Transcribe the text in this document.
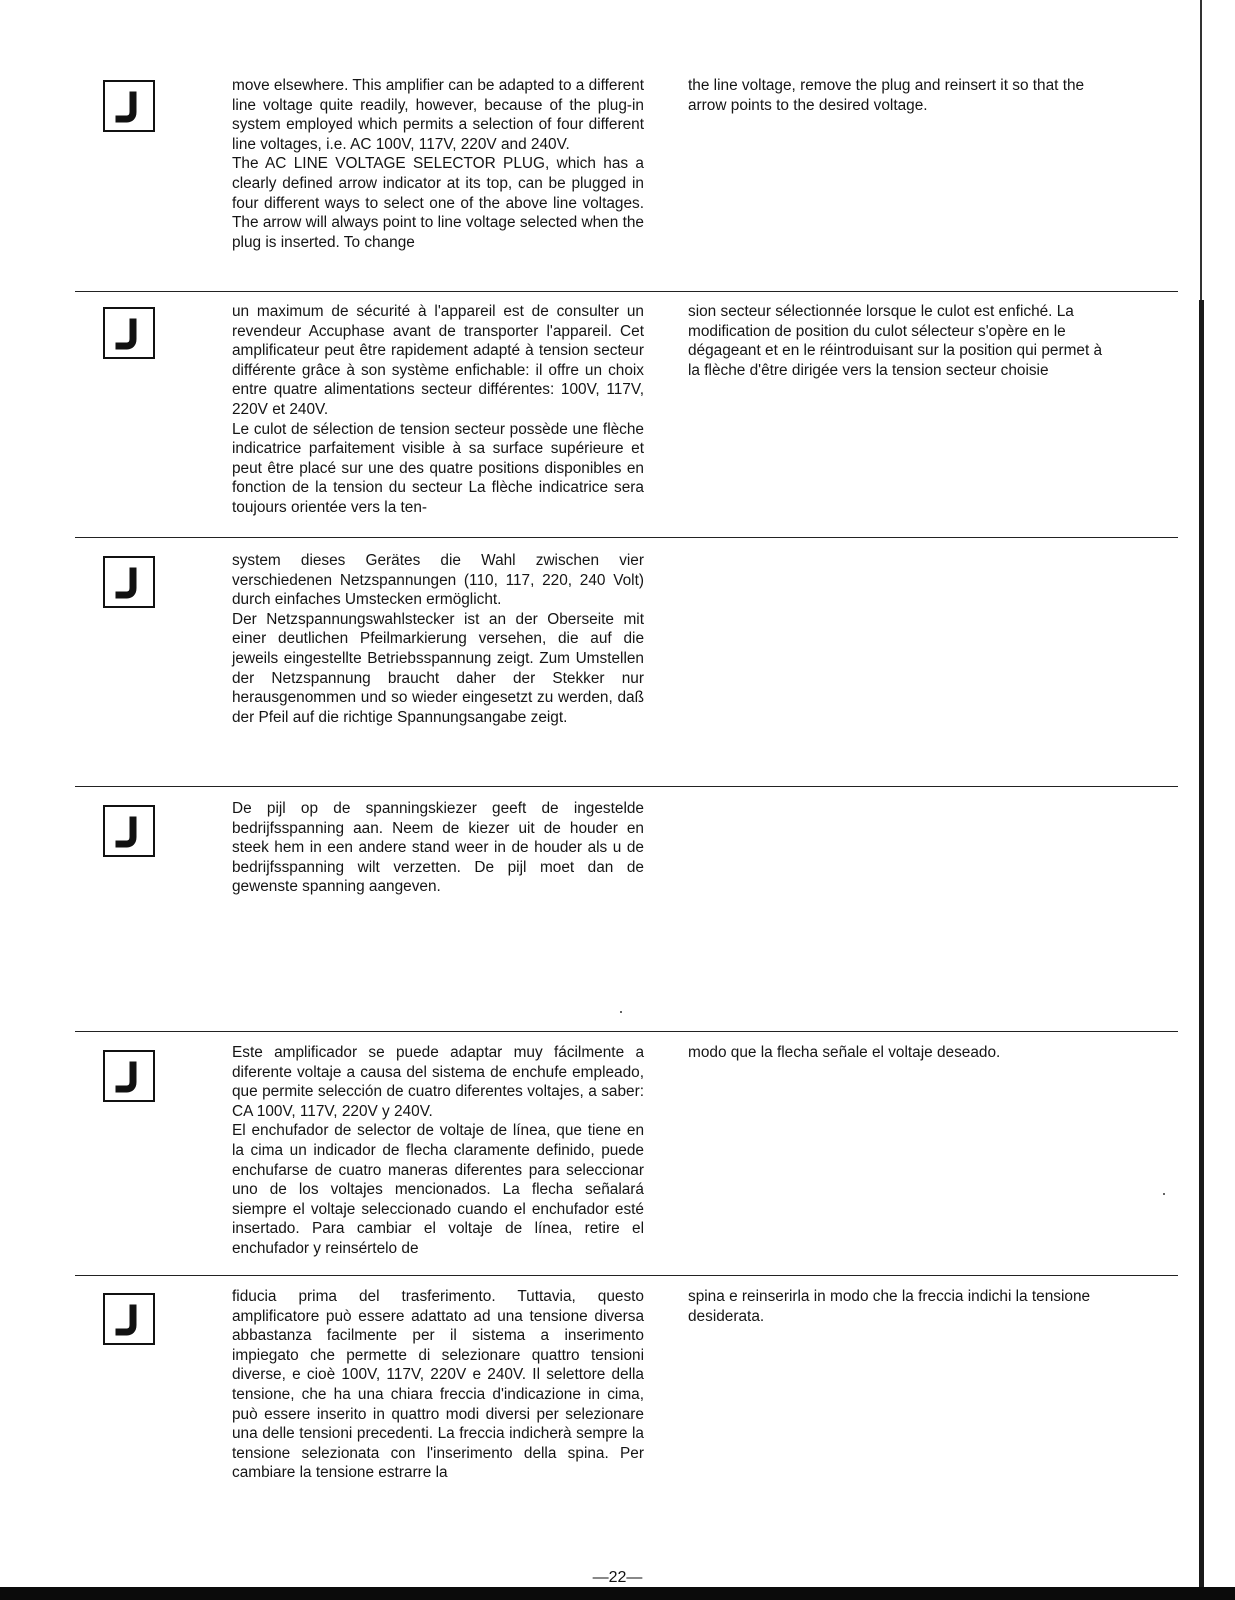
move elsewhere. This amplifier can be adapted to a different line voltage quite readily, however, because of the plug-in system employed which permits a selection of four different line voltages, i.e. AC 100V, 117V, 220V and 240V.

The AC LINE VOLTAGE SELECTOR PLUG, which has a clearly defined arrow indicator at its top, can be plugged in four different ways to select one of the above line voltages. The arrow will always point to line voltage selected when the plug is inserted. To change

the line voltage, remove the plug and reinsert it so that the arrow points to the desired voltage.

un maximum de sécurité à l'appareil est de consulter un revendeur Accuphase avant de transporter l'appareil. Cet amplificateur peut être rapidement adapté à tension secteur différente grâce à son système enfichable: il offre un choix entre quatre alimentations secteur différentes: 100V, 117V, 220V et 240V.

Le culot de sélection de tension secteur possède une flèche indicatrice parfaitement visible à sa surface supérieure et peut être placé sur une des quatre positions disponibles en fonction de la tension du secteur La flèche indicatrice sera toujours orientée vers la ten-

sion secteur sélectionnée lorsque le culot est enfiché. La modification de position du culot sélecteur s'opère en le dégageant et en le réintroduisant sur la position qui permet à la flèche d'être dirigée vers la tension secteur choisie

system dieses Gerätes die Wahl zwischen vier verschiedenen Netzspannungen (110, 117, 220, 240 Volt) durch einfaches Umstecken ermöglicht.

Der Netzspannungswahlstecker ist an der Oberseite mit einer deutlichen Pfeilmarkierung versehen, die auf die jeweils eingestellte Betriebsspannung zeigt. Zum Umstellen der Netzspannung braucht daher der Stekker nur herausgenommen und so wieder eingesetzt zu werden, daß der Pfeil auf die richtige Spannungsangabe zeigt.

De pijl op de spanningskiezer geeft de ingestelde bedrijfsspanning aan. Neem de kiezer uit de houder en steek hem in een andere stand weer in de houder als u de bedrijfsspanning wilt verzetten. De pijl moet dan de gewenste spanning aangeven.

Este amplificador se puede adaptar muy fácilmente a diferente voltaje a causa del sistema de enchufe empleado, que permite selección de cuatro diferentes voltajes, a saber: CA 100V, 117V, 220V y 240V.

El enchufador de selector de voltaje de línea, que tiene en la cima un indicador de flecha claramente definido, puede enchufarse de cuatro maneras diferentes para seleccionar uno de los voltajes mencionados. La flecha señalará siempre el voltaje seleccionado cuando el enchufador esté insertado. Para cambiar el voltaje de línea, retire el enchufador y reinsértelo de

modo que la flecha señale el voltaje deseado.

fiducia prima del trasferimento. Tuttavia, questo amplificatore può essere adattato ad una tensione diversa abbastanza facilmente per il sistema a inserimento impiegato che permette di selezionare quattro tensioni diverse, e cioè 100V, 117V, 220V e 240V. Il selettore della tensione, che ha una chiara freccia d'indicazione in cima, può essere inserito in quattro modi diversi per selezionare una delle tensioni precedenti. La freccia indicherà sempre la tensione selezionata con l'inserimento della spina. Per cambiare la tensione estrarre la

spina e reinserirla in modo che la freccia indichi la tensione desiderata.

—22—
